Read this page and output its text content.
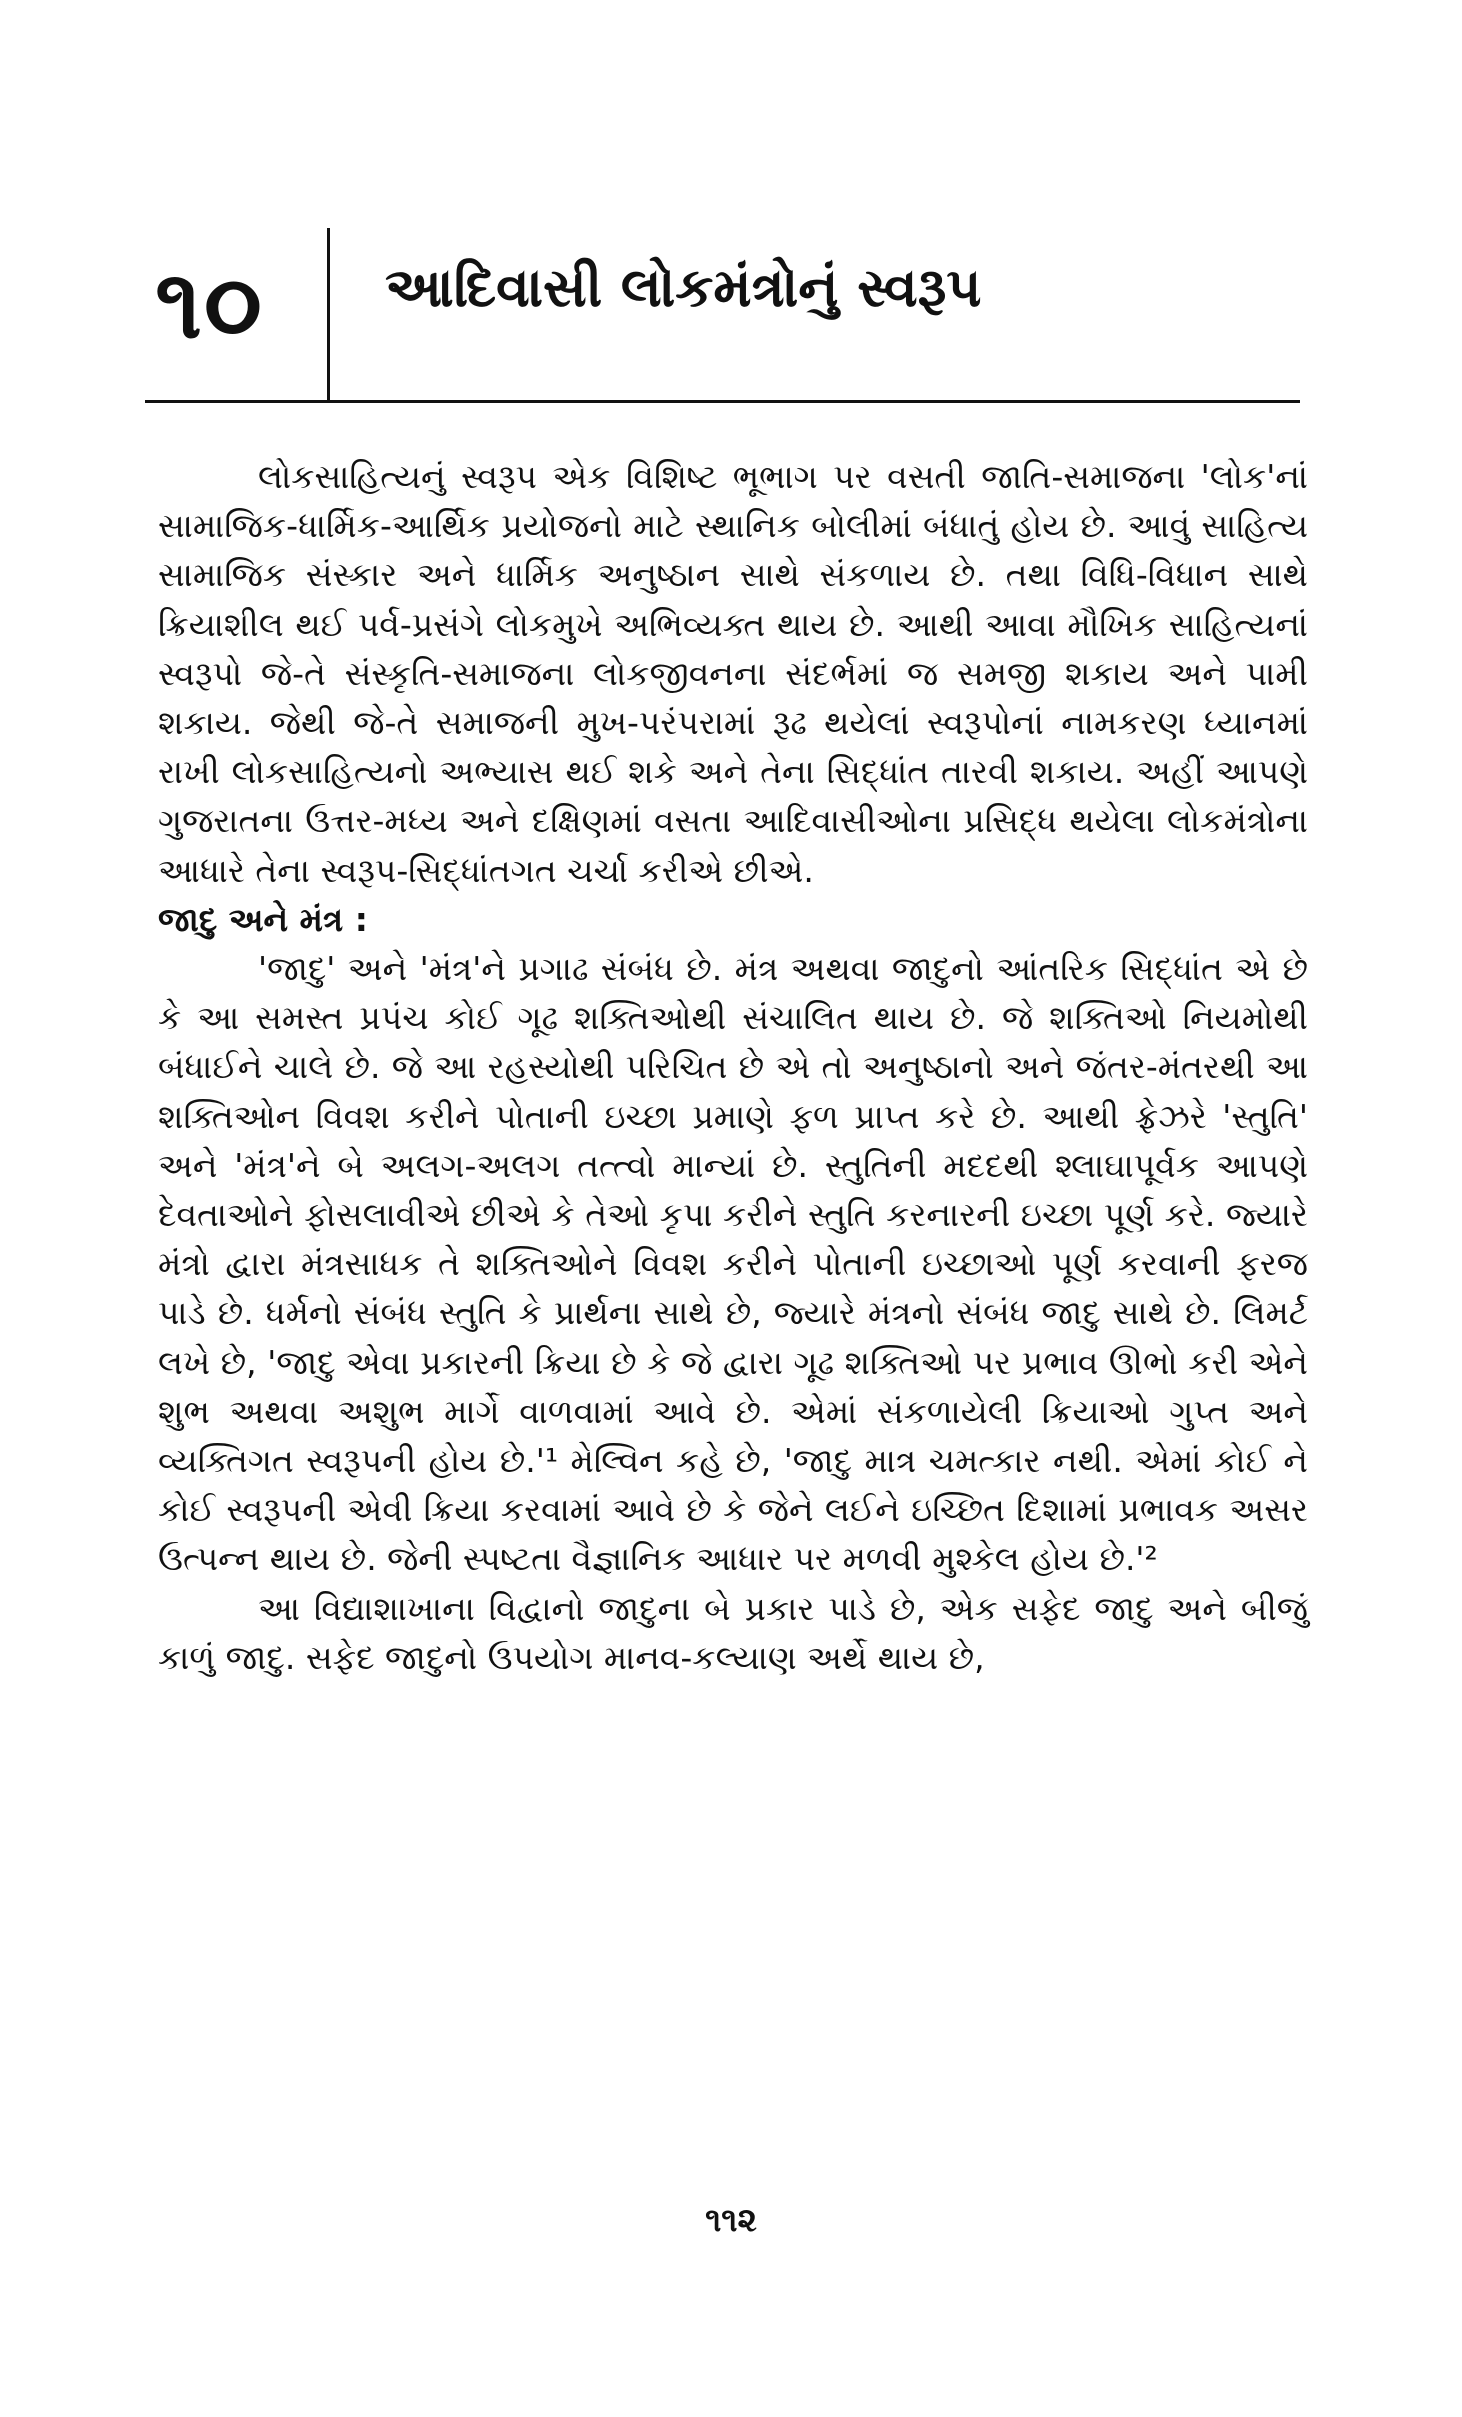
૧૦ આદિવાસી લોકમંત્રોનું સ્વરૂપ

લોકસાહિત્યનું સ્વરૂપ એક વિશિષ્ટ ભૂભાગ પર વસતી જાતિ-સમાજના 'લોક'નાં સામાજિક-ધાર્મિક-આર્થિક પ્રયોજનો માટે સ્થાનિક બોલીમાં બંધાતું હોય છે. આવું સાહિત્ય સામાજિક સંસ્કાર અને ધાર્મિક અનુષ્ઠાન સાથે સંકળાય છે. તથા વિધિ-વિધાન સાથે ક્રિયાશીલ થઈ પર્વ-પ્રસંગે લોકમુખે અભિવ્યક્ત થાય છે. આથી આવા મૌખિક સાહિત્યનાં સ્વરૂપો જે-તે સંસ્કૃતિ-સમાજના લોકજીવનના સંદર્ભમાં જ સમજી શકાય અને પામી શકાય. જેથી જે-તે સમાજની મુખ-પરંપરામાં રૂઢ થયેલાં સ્વરૂપોનાં નામકરણ ધ્યાનમાં રાખી લોકસાહિત્યનો અભ્યાસ થઈ શકે અને તેના સિદ્ધાંત તારવી શકાય. અહીં આપણે ગુજરાતના ઉત્તર-મધ્ય અને દક્ષિણમાં વસતા આદિવાસીઓના પ્રસિદ્ધ થયેલા લોકમંત્રોના આધારે તેના સ્વરૂપ-સિદ્ધાંતગત ચર્ચા કરીએ છીએ.

જાદુ અને મંત્ર :

'જાદુ' અને 'મંત્ર'ને પ્રગાઢ સંબંધ છે. મંત્ર અથવા જાદુનો આંતરિક સિદ્ધાંત એ છે કે આ સમસ્ત પ્રપંચ કોઈ ગૂઢ શક્તિઓથી સંચાલિત થાય છે. જે શક્તિઓ નિયમોથી બંધાઈને ચાલે છે. જે આ રહસ્યોથી પરિચિત છે એ તો અનુષ્ઠાનો અને જંતર-મંતરથી આ શક્તિઓન વિવશ કરીને પોતાની ઇચ્છા પ્રમાણે ફળ પ્રાપ્ત કરે છે. આથી ફ્રેઝરે 'સ્તુતિ' અને 'મંત્ર'ને બે અલગ-અલગ તત્ત્વો માન્યાં છે. સ્તુતિની મદદથી શ્લાઘાપૂર્વક આપણે દેવતાઓને ફોસલાવીએ છીએ કે તેઓ કૃપા કરીને સ્તુતિ કરનારની ઇચ્છા પૂર્ણ કરે. જ્યારે મંત્રો દ્વારા મંત્રસાધક તે શક્તિઓને વિવશ કરીને પોતાની ઇચ્છાઓ પૂર્ણ કરવાની ફરજ પાડે છે. ધર્મનો સંબંધ સ્તુતિ કે પ્રાર્થના સાથે છે, જ્યારે મંત્રનો સંબંધ જાદુ સાથે છે. લિમર્ટ લખે છે, 'જાદુ એવા પ્રકારની ક્રિયા છે કે જે દ્વારા ગૂઢ શક્તિઓ પર પ્રભાવ ઊભો કરી એને શુભ અથવા અશુભ માર્ગે વાળવામાં આવે છે. એમાં સંકળાયેલી ક્રિયાઓ ગુપ્ત અને વ્યક્તિગત સ્વરૂપની હોય છે.'¹ મેલ્વિન કહે છે, 'જાદુ માત્ર ચમત્કાર નથી. એમાં કોઈ ને કોઈ સ્વરૂપની એવી ક્રિયા કરવામાં આવે છે કે જેને લઈને ઇચ્છિત દિશામાં પ્રભાવક અસર ઉત્પન્ન થાય છે. જેની સ્પષ્ટતા વૈજ્ઞાનિક આધાર પર મળવી મુશ્કેલ હોય છે.'²

આ વિદ્યાશાખાના વિદ્વાનો જાદુના બે પ્રકાર પાડે છે, એક સફેદ જાદુ અને બીજું કાળું જાદુ. સફેદ જાદુનો ઉપયોગ માનવ-કલ્યાણ અર્થે થાય છે,

૧૧૨
